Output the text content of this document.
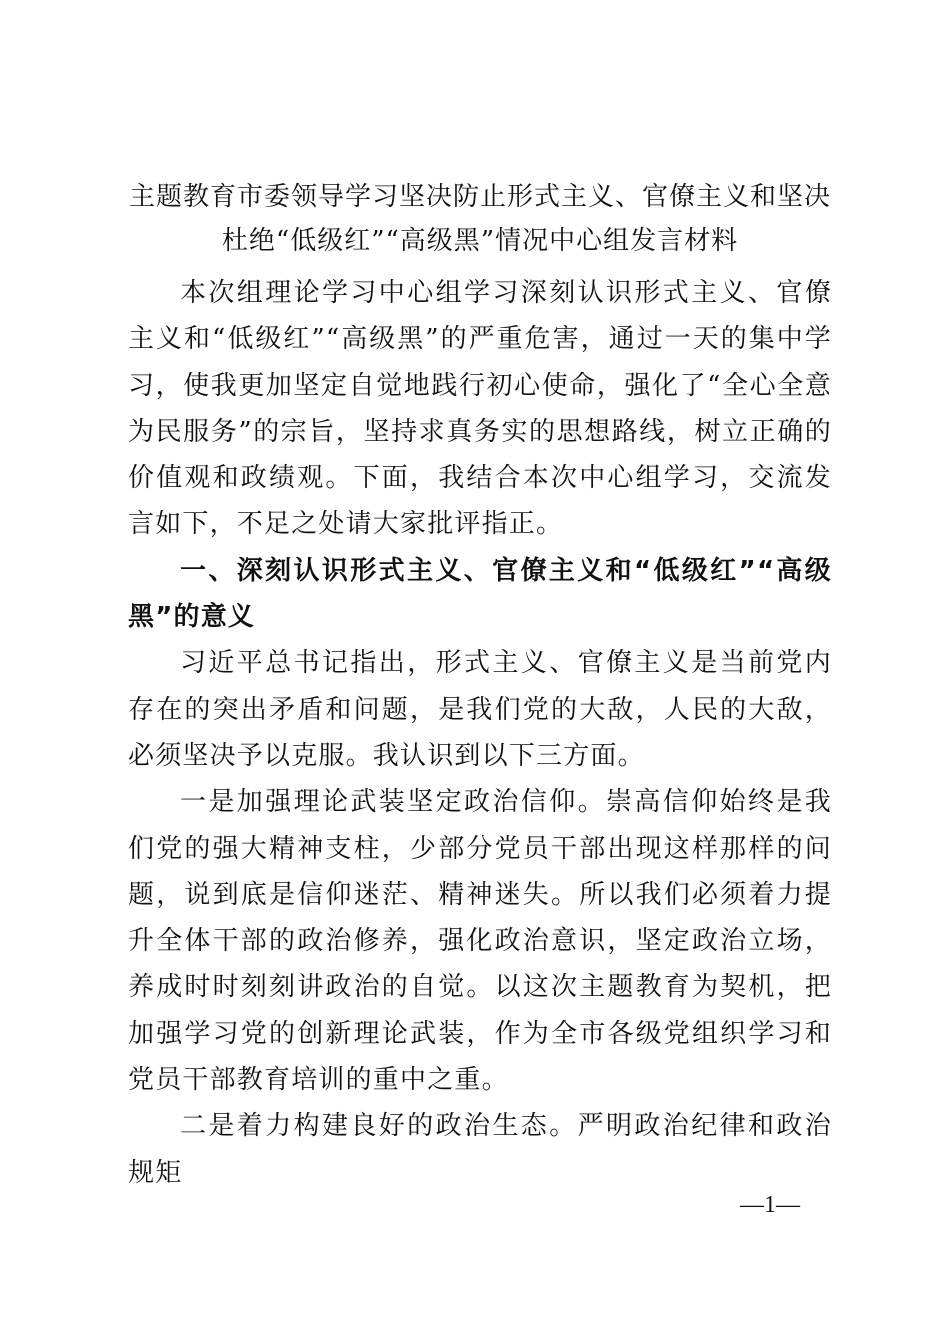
主题教育市委领导学习坚决防止形式主义、官僚主义和坚决杜绝“低级红”“高级黑”情况中心组发言材料

本次组理论学习中心组学习深刻认识形式主义、官僚主义和“低级红”“高级黑”的严重危害，通过一天的集中学习，使我更加坚定自觉地践行初心使命，强化了“全心全意为民服务”的宗旨，坚持求真务实的思想路线，树立正确的价值观和政绩观。下面，我结合本次中心组学习，交流发言如下，不足之处请大家批评指正。

一、深刻认识形式主义、官僚主义和“低级红”“高级黑”的意义

习近平总书记指出，形式主义、官僚主义是当前党内存在的突出矛盾和问题，是我们党的大敌，人民的大敌，必须坚决予以克服。我认识到以下三方面。

一是加强理论武装坚定政治信仰。崇高信仰始终是我们党的强大精神支柱，少部分党员干部出现这样那样的问题，说到底是信仰迷茫、精神迷失。所以我们必须着力提升全体干部的政治修养，强化政治意识，坚定政治立场，养成时时刻刻讲政治的自觉。以这次主题教育为契机，把加强学习党的创新理论武装，作为全市各级党组织学习和党员干部教育培训的重中之重。

二是着力构建良好的政治生态。严明政治纪律和政治规矩

—1—
